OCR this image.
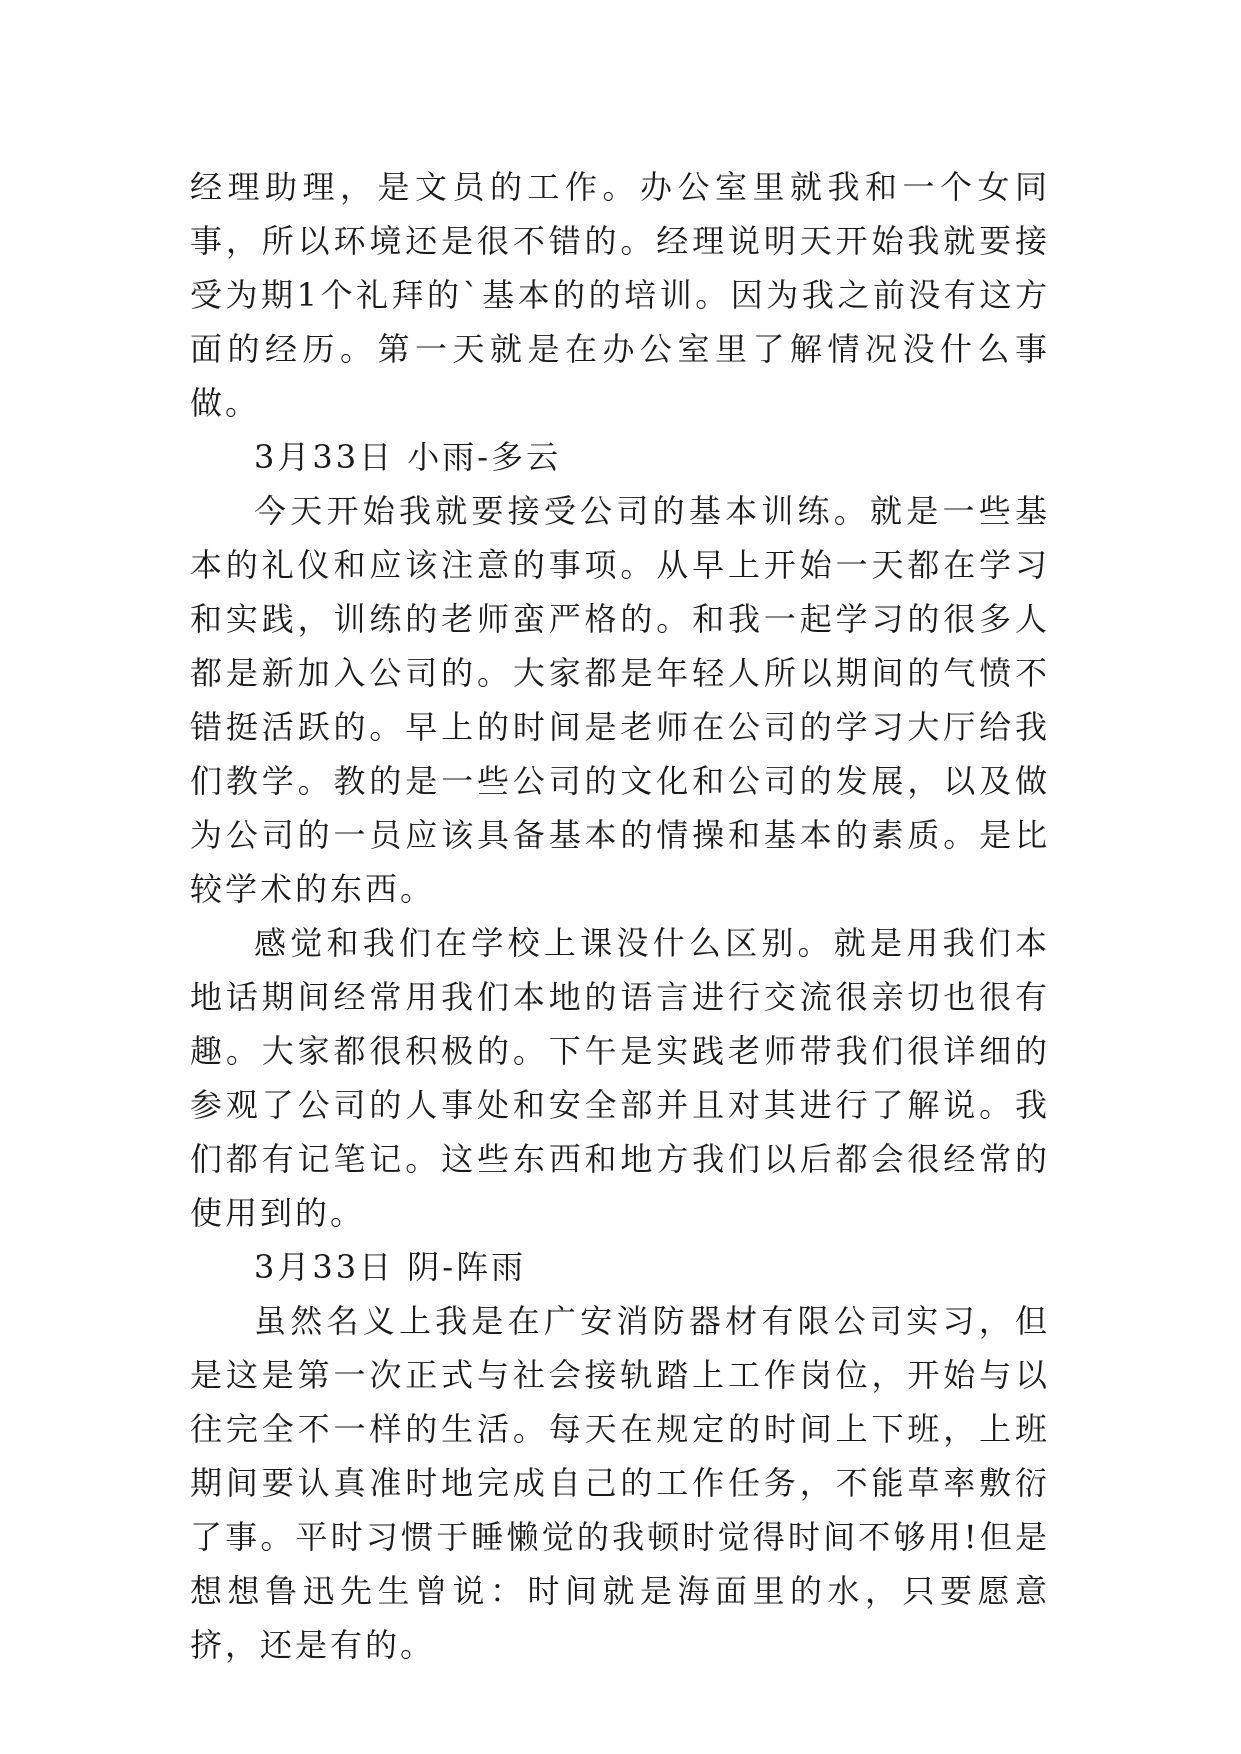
经理助理，是文员的工作。办公室里就我和一个女同事，所以环境还是很不错的。经理说明天开始我就要接受为期1个礼拜的`基本的的培训。因为我之前没有这方面的经历。第一天就是在办公室里了解情况没什么事做。

3月33日 小雨-多云

今天开始我就要接受公司的基本训练。就是一些基本的礼仪和应该注意的事项。从早上开始一天都在学习和实践，训练的老师蛮严格的。和我一起学习的很多人都是新加入公司的。大家都是年轻人所以期间的气愤不错挺活跃的。早上的时间是老师在公司的学习大厅给我们教学。教的是一些公司的文化和公司的发展，以及做为公司的一员应该具备基本的情操和基本的素质。是比较学术的东西。

感觉和我们在学校上课没什么区别。就是用我们本地话期间经常用我们本地的语言进行交流很亲切也很有趣。大家都很积极的。下午是实践老师带我们很详细的参观了公司的人事处和安全部并且对其进行了解说。我们都有记笔记。这些东西和地方我们以后都会很经常的使用到的。

3月33日 阴-阵雨

虽然名义上我是在广安消防器材有限公司实习，但是这是第一次正式与社会接轨踏上工作岗位，开始与以往完全不一样的生活。每天在规定的时间上下班，上班期间要认真准时地完成自己的工作任务，不能草率敷衍了事。平时习惯于睡懒觉的我顿时觉得时间不够用!但是想想鲁迅先生曾说：时间就是海面里的水，只要愿意挤，还是有的。
